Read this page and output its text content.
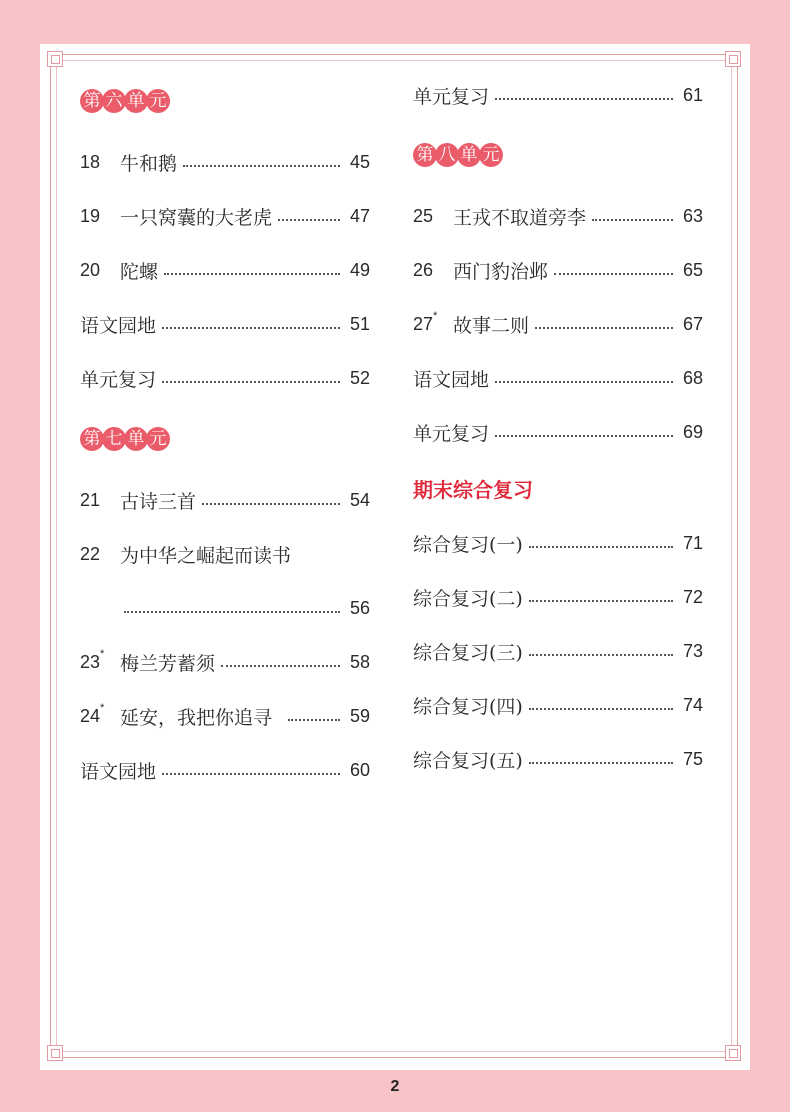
第 六 单 元
18	牛和鹅	45
19	一只窝囊的大老虎	47
20	陀螺	49
语文园地	51
单元复习	52
第 七 单 元
21	古诗三首	54
22	为中华之崛起而读书
56
23 * 梅兰芳蓄须	58
24 * 延安，我把你追寻	59
语文园地	60
单元复习	61
第 八 单 元
25	王戎不取道旁李	63
26	西门豹治邺	65
27 * 故事二则	67
语文园地	68
单元复习	69
期末综合复习
综合复习(一)	71
综合复习(二)	72
综合复习(三)	73
综合复习(四)	74
综合复习(五)	75
2
